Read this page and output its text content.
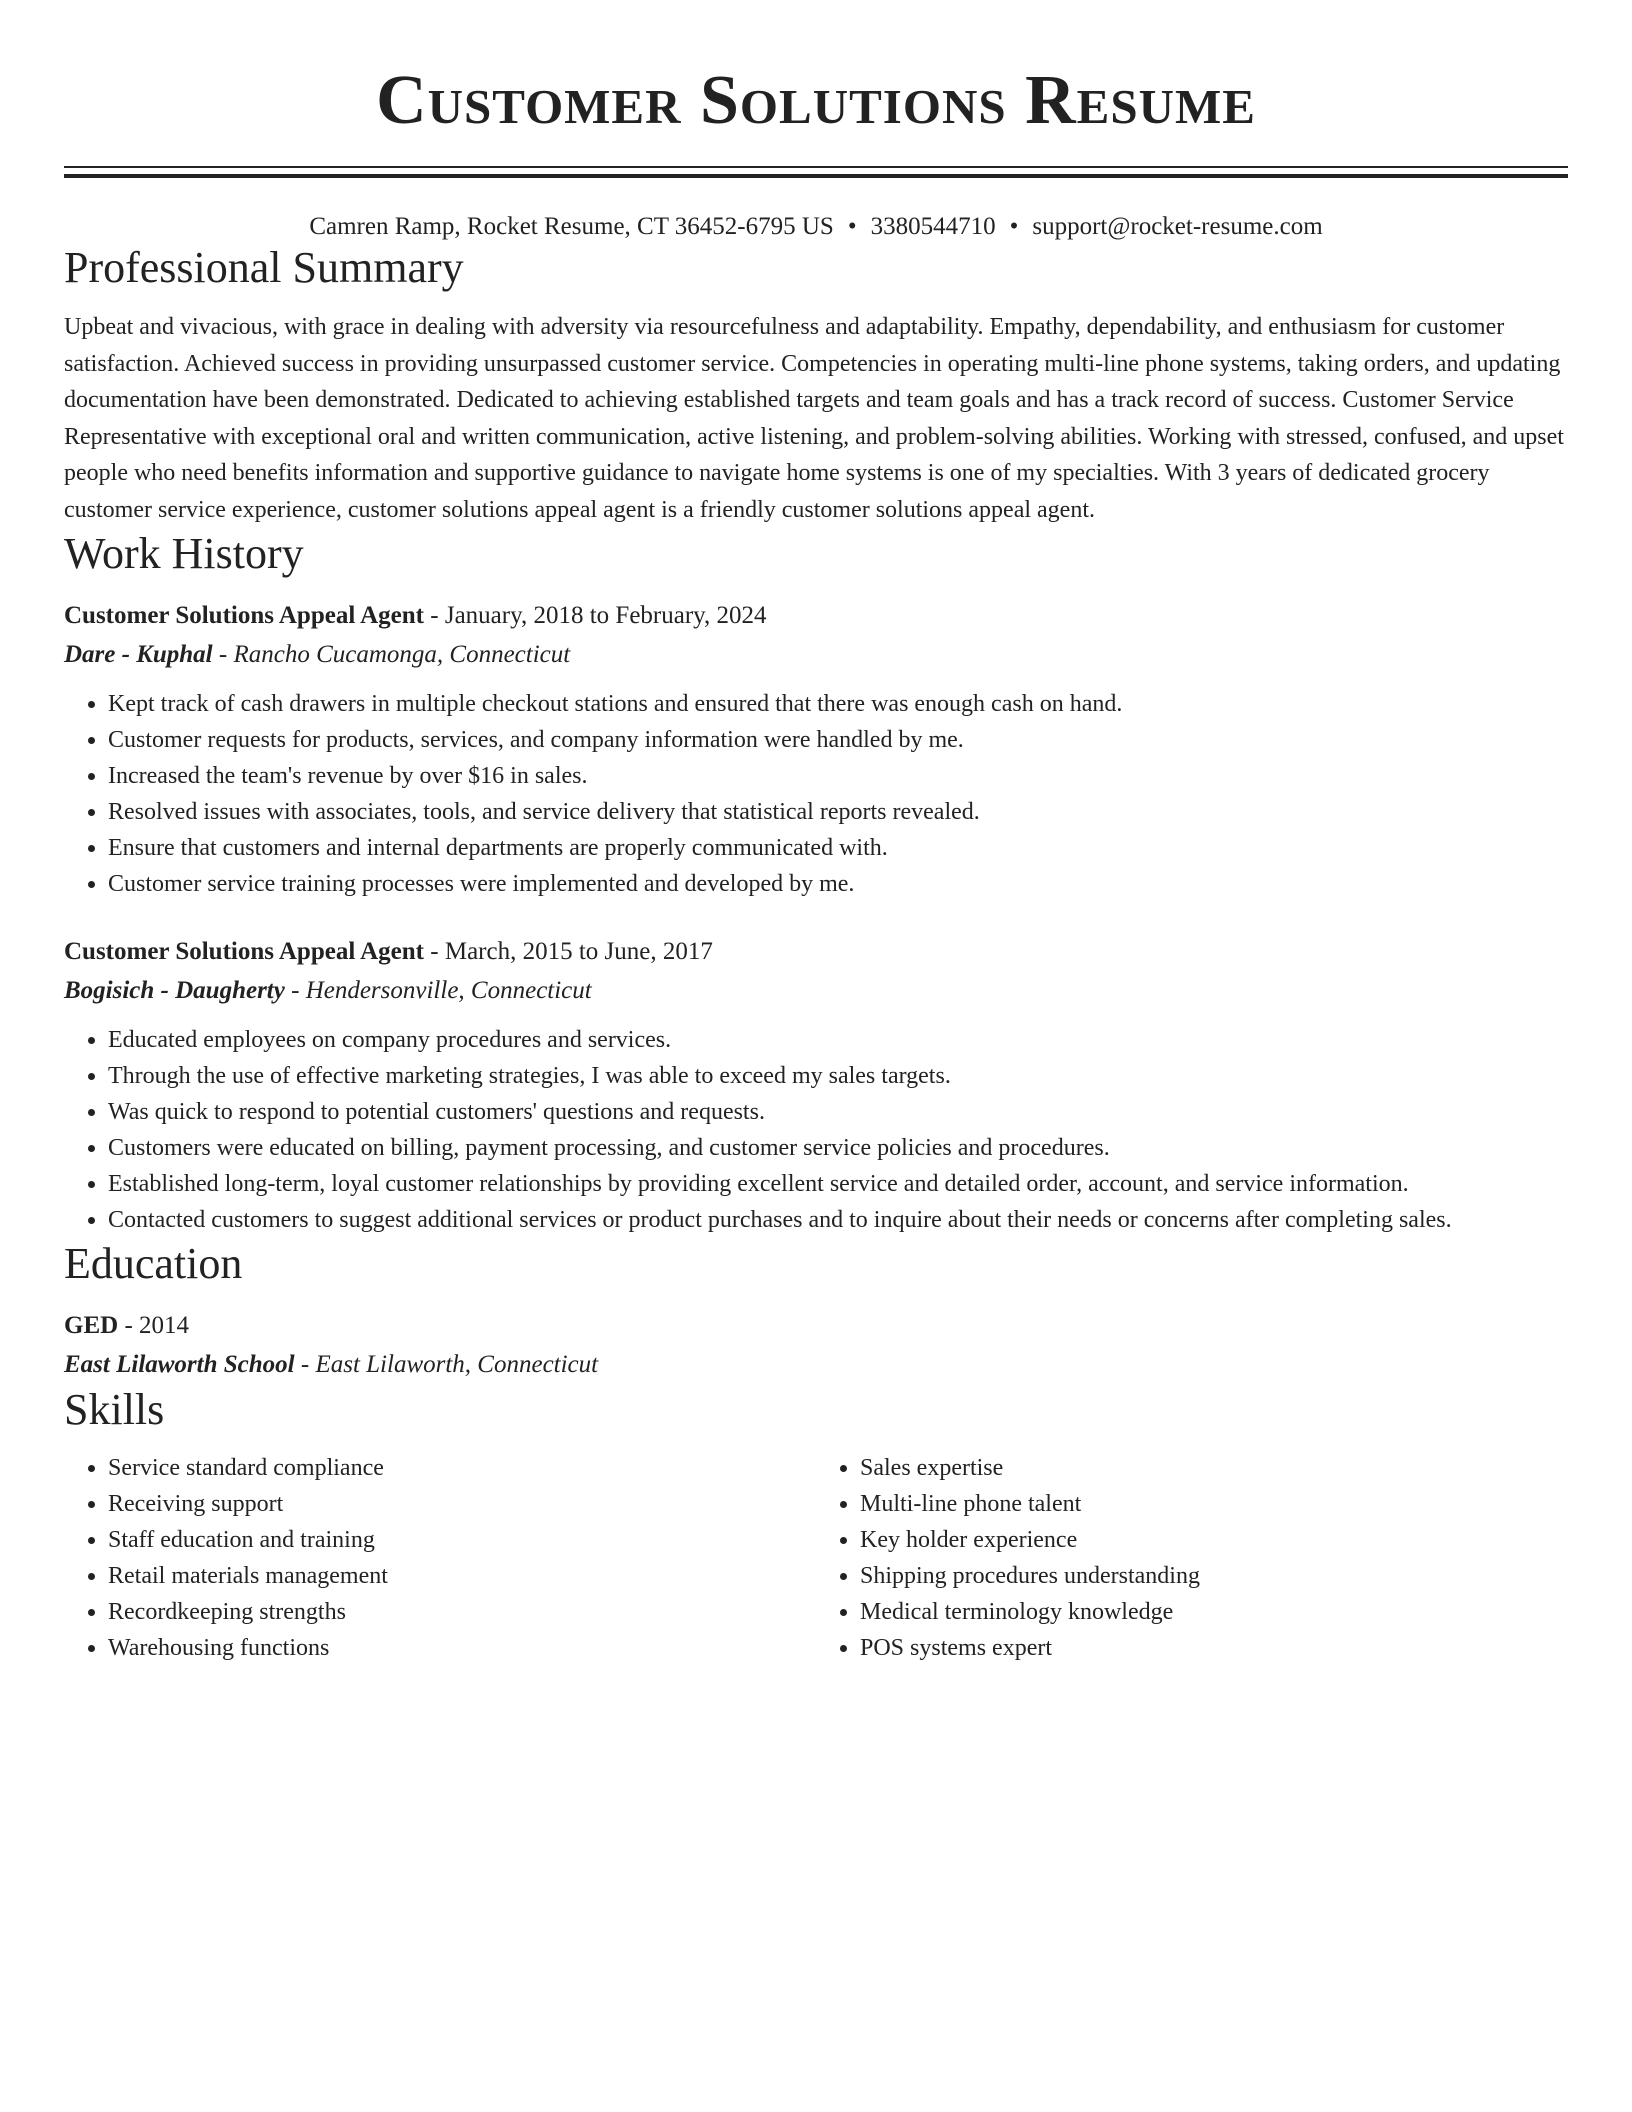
Customer Solutions Resume
Camren Ramp, Rocket Resume, CT 36452-6795 US • 3380544710 • support@rocket-resume.com
Professional Summary
Upbeat and vivacious, with grace in dealing with adversity via resourcefulness and adaptability. Empathy, dependability, and enthusiasm for customer satisfaction. Achieved success in providing unsurpassed customer service. Competencies in operating multi-line phone systems, taking orders, and updating documentation have been demonstrated. Dedicated to achieving established targets and team goals and has a track record of success. Customer Service Representative with exceptional oral and written communication, active listening, and problem-solving abilities. Working with stressed, confused, and upset people who need benefits information and supportive guidance to navigate home systems is one of my specialties. With 3 years of dedicated grocery customer service experience, customer solutions appeal agent is a friendly customer solutions appeal agent.
Work History
Customer Solutions Appeal Agent - January, 2018 to February, 2024
Dare - Kuphal - Rancho Cucamonga, Connecticut
• Kept track of cash drawers in multiple checkout stations and ensured that there was enough cash on hand.
• Customer requests for products, services, and company information were handled by me.
• Increased the team's revenue by over $16 in sales.
• Resolved issues with associates, tools, and service delivery that statistical reports revealed.
• Ensure that customers and internal departments are properly communicated with.
• Customer service training processes were implemented and developed by me.
Customer Solutions Appeal Agent - March, 2015 to June, 2017
Bogisich - Daugherty - Hendersonville, Connecticut
• Educated employees on company procedures and services.
• Through the use of effective marketing strategies, I was able to exceed my sales targets.
• Was quick to respond to potential customers' questions and requests.
• Customers were educated on billing, payment processing, and customer service policies and procedures.
• Established long-term, loyal customer relationships by providing excellent service and detailed order, account, and service information.
• Contacted customers to suggest additional services or product purchases and to inquire about their needs or concerns after completing sales.
Education
GED - 2014
East Lilaworth School - East Lilaworth, Connecticut
Skills
• Service standard compliance
• Receiving support
• Staff education and training
• Retail materials management
• Recordkeeping strengths
• Warehousing functions
• Sales expertise
• Multi-line phone talent
• Key holder experience
• Shipping procedures understanding
• Medical terminology knowledge
• POS systems expert
